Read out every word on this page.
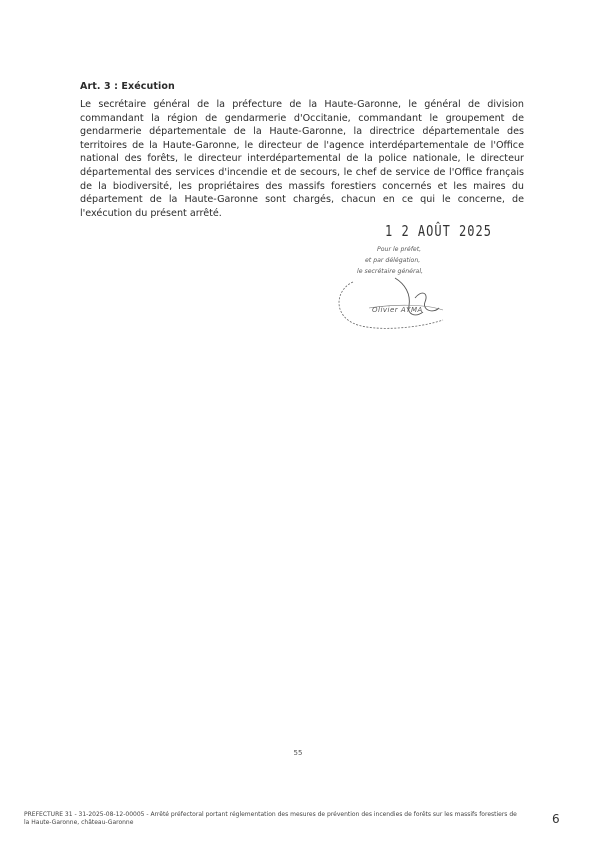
Art. 3 : Exécution

Le secrétaire général de la préfecture de la Haute-Garonne, le général de division commandant la région de gendarmerie d'Occitanie, commandant le groupement de gendarmerie départementale de la Haute-Garonne, la directrice départementale des territoires de la Haute-Garonne, le directeur de l'agence interdépartementale de l'Office national des forêts, le directeur interdépartemental de la police nationale, le directeur départemental des services d'incendie et de secours, le chef de service de l'Office français de la biodiversité, les propriétaires des massifs forestiers concernés et les maires du département de la Haute-Garonne sont chargés, chacun en ce qui le concerne, de l'exécution du présent arrêté.

1 2 AOÛT 2025
Pour le préfet,
et par délégation,
le secrétaire général,
Olivier AYMA
55
PREFECTURE 31 - 31-2025-08-12-00005 - Arrêté préfectoral portant réglementation des mesures de prévention des incendies de forêts sur les massifs forestiers de la Haute-Garonne, château-Garonne	6
